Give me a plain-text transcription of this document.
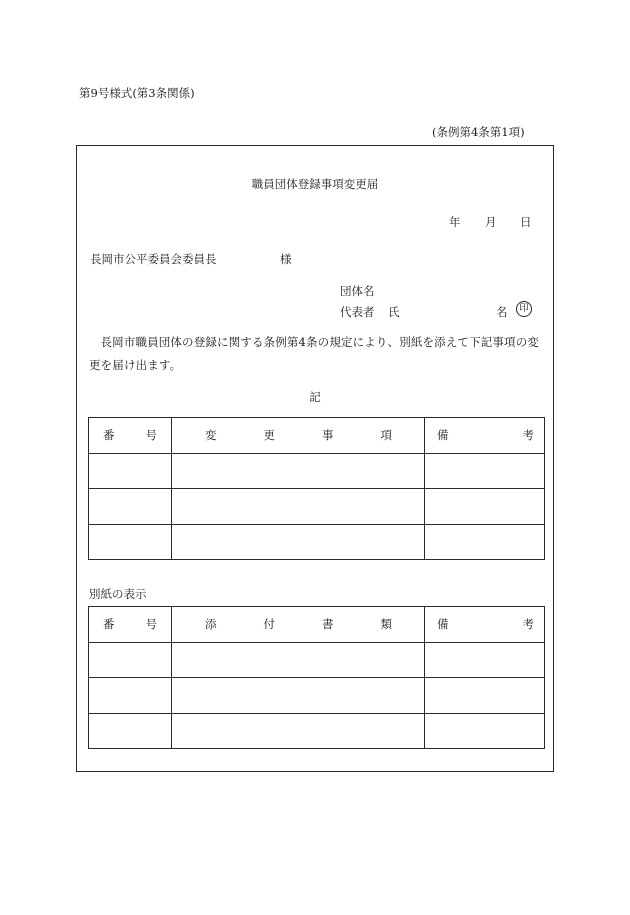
第9号様式(第3条関係)
(条例第4条第1項)
職員団体登録事項変更届
年 月 日
長岡市公平委員会委員長	様
団体名
代表者 氏	名	印
長岡市職員団体の登録に関する条例第4条の規定により、別紙を添えて下記事項の変更を届け出ます。
記
番 号	変 更 事 項	備 考

別紙の表示
番 号	添 付 書 類	備 考
